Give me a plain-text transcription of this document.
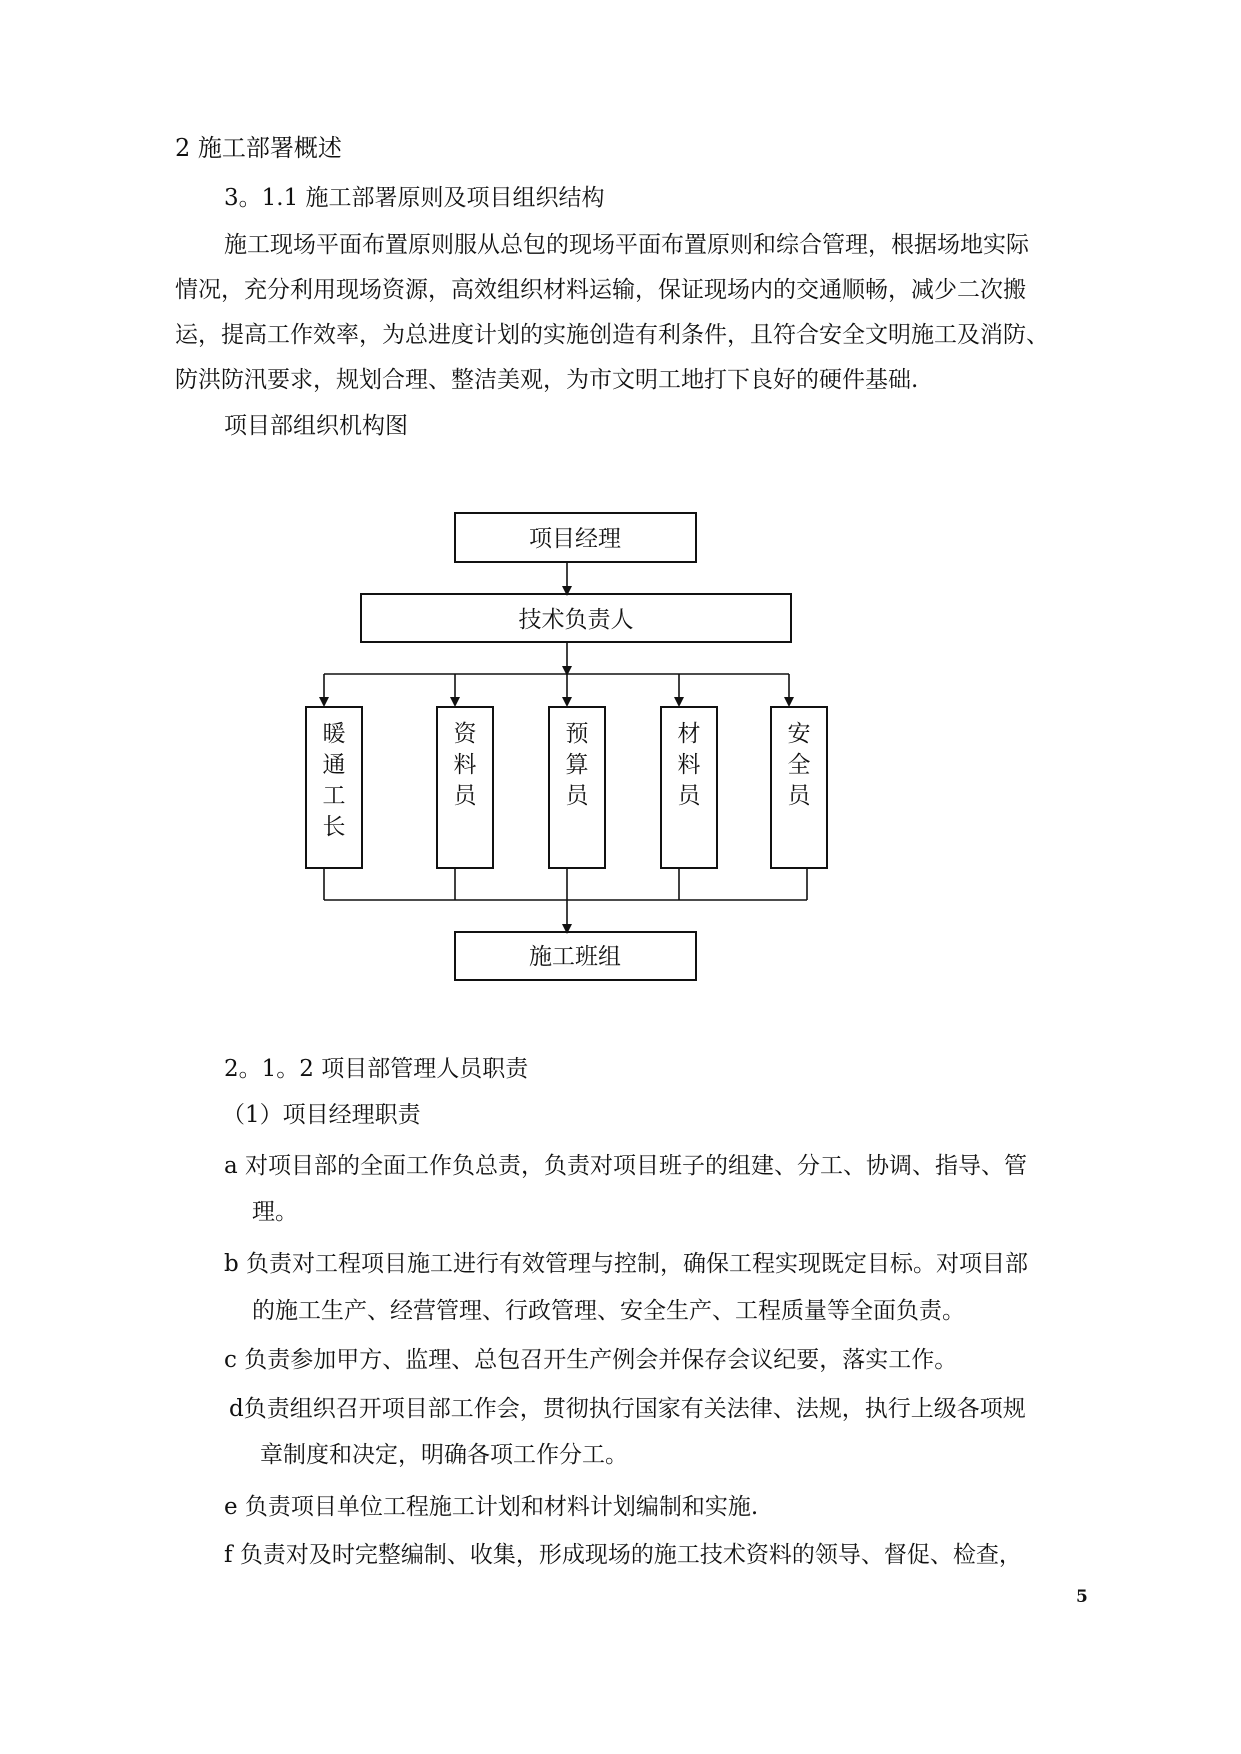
2 施工部署概述
3。1.1 施工部署原则及项目组织结构
施工现场平面布置原则服从总包的现场平面布置原则和综合管理，根据场地实际
情况，充分利用现场资源，高效组织材料运输，保证现场内的交通顺畅，减少二次搬
运，提高工作效率，为总进度计划的实施创造有利条件，且符合安全文明施工及消防、
防洪防汛要求，规划合理、整洁美观，为市文明工地打下良好的硬件基础.
项目部组织机构图
项目经理
技术负责人
暖
通
工
长
资
料
员
预
算
员
材
料
员
安
全
员
施工班组
2。1。2 项目部管理人员职责
（1）项目经理职责
a 对项目部的全面工作负总责，负责对项目班子的组建、分工、协调、指导、管
理。
b 负责对工程项目施工进行有效管理与控制，确保工程实现既定目标。对项目部
的施工生产、经营管理、行政管理、安全生产、工程质量等全面负责。
c 负责参加甲方、监理、总包召开生产例会并保存会议纪要，落实工作。
d负责组织召开项目部工作会，贯彻执行国家有关法律、法规，执行上级各项规
章制度和决定，明确各项工作分工。
e 负责项目单位工程施工计划和材料计划编制和实施.
f 负责对及时完整编制、收集，形成现场的施工技术资料的领导、督促、检查，
5
